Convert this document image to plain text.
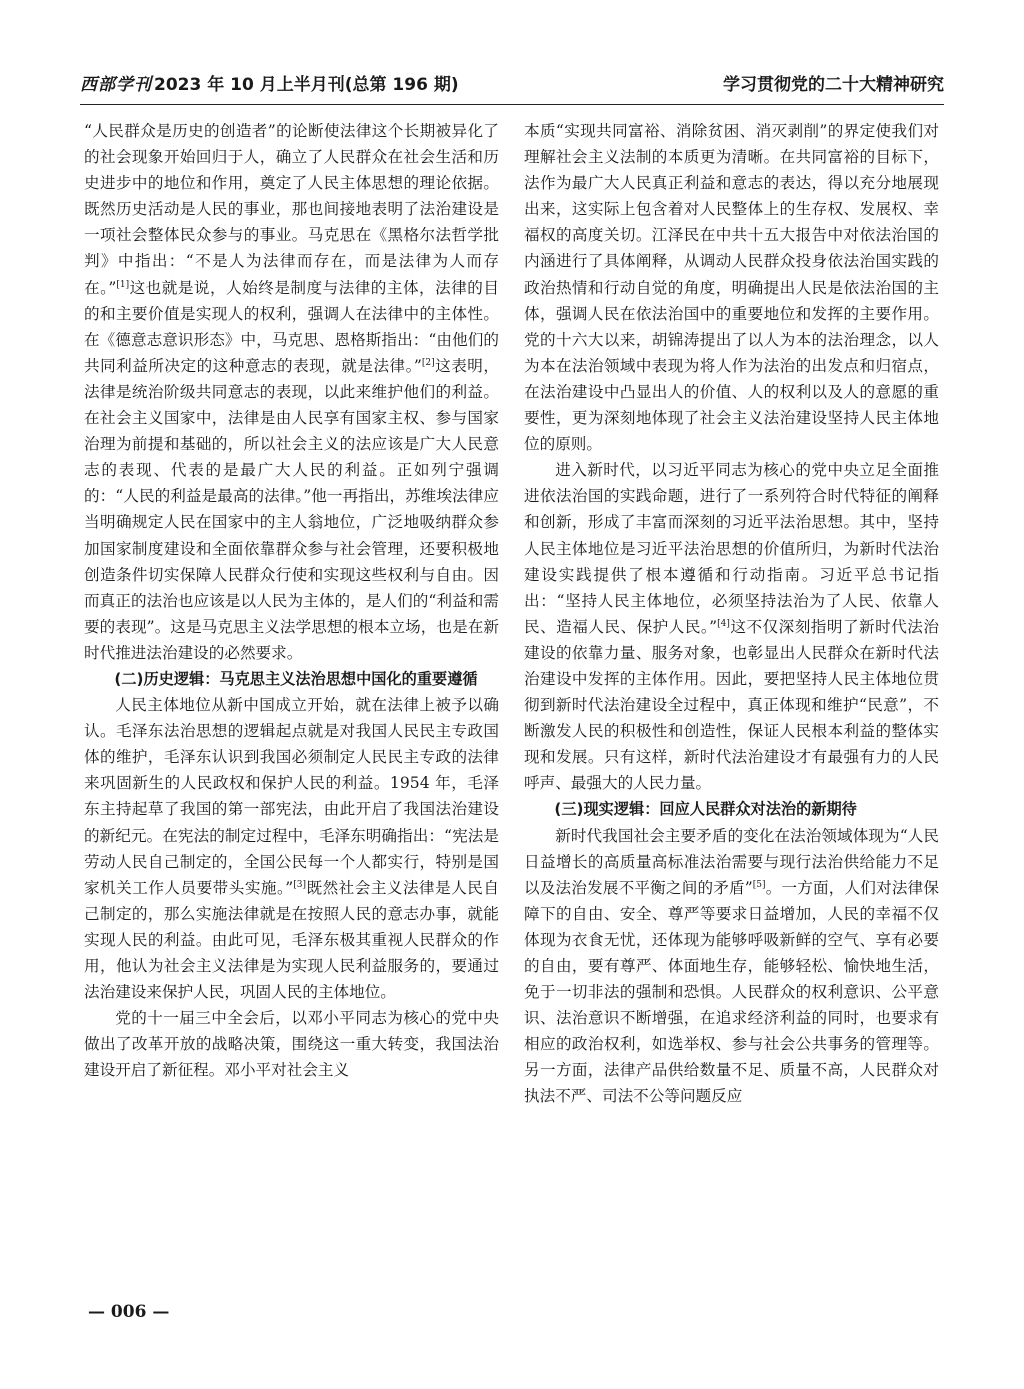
西部学刊 2023 年 10 月上半月刊(总第 196 期)	学习贯彻党的二十大精神研究

“人民群众是历史的创造者”的论断使法律这个长期被异化了的社会现象开始回归于人，确立了人民群众在社会生活和历史进步中的地位和作用，奠定了人民主体思想的理论依据。既然历史活动是人民的事业，那也间接地表明了法治建设是一项社会整体民众参与的事业。马克思在《黑格尔法哲学批判》中指出：“不是人为法律而存在，而是法律为人而存在。”[1]这也就是说，人始终是制度与法律的主体，法律的目的和主要价值是实现人的权利，强调人在法律中的主体性。在《德意志意识形态》中，马克思、恩格斯指出：“由他们的共同利益所决定的这种意志的表现，就是法律。”[2]这表明，法律是统治阶级共同意志的表现，以此来维护他们的利益。在社会主义国家中，法律是由人民享有国家主权、参与国家治理为前提和基础的，所以社会主义的法应该是广大人民意志的表现、代表的是最广大人民的利益。正如列宁强调的：“人民的利益是最高的法律。”他一再指出，苏维埃法律应当明确规定人民在国家中的主人翁地位，广泛地吸纳群众参加国家制度建设和全面依靠群众参与社会管理，还要积极地创造条件切实保障人民群众行使和实现这些权利与自由。因而真正的法治也应该是以人民为主体的，是人们的“利益和需要的表现”。这是马克思主义法学思想的根本立场，也是在新时代推进法治建设的必然要求。

(二)历史逻辑：马克思主义法治思想中国化的重要遵循

人民主体地位从新中国成立开始，就在法律上被予以确认。毛泽东法治思想的逻辑起点就是对我国人民民主专政国体的维护，毛泽东认识到我国必须制定人民民主专政的法律来巩固新生的人民政权和保护人民的利益。1954 年，毛泽东主持起草了我国的第一部宪法，由此开启了我国法治建设的新纪元。在宪法的制定过程中，毛泽东明确指出：“宪法是劳动人民自己制定的，全国公民每一个人都实行，特别是国家机关工作人员要带头实施。”[3]既然社会主义法律是人民自己制定的，那么实施法律就是在按照人民的意志办事，就能实现人民的利益。由此可见，毛泽东极其重视人民群众的作用，他认为社会主义法律是为实现人民利益服务的，要通过法治建设来保护人民，巩固人民的主体地位。

党的十一届三中全会后，以邓小平同志为核心的党中央做出了改革开放的战略决策，围绕这一重大转变，我国法治建设开启了新征程。邓小平对社会主义

本质“实现共同富裕、消除贫困、消灭剥削”的界定使我们对理解社会主义法制的本质更为清晰。在共同富裕的目标下，法作为最广大人民真正利益和意志的表达，得以充分地展现出来，这实际上包含着对人民整体上的生存权、发展权、幸福权的高度关切。江泽民在中共十五大报告中对依法治国的内涵进行了具体阐释，从调动人民群众投身依法治国实践的政治热情和行动自觉的角度，明确提出人民是依法治国的主体，强调人民在依法治国中的重要地位和发挥的主要作用。党的十六大以来，胡锦涛提出了以人为本的法治理念，以人为本在法治领域中表现为将人作为法治的出发点和归宿点，在法治建设中凸显出人的价值、人的权利以及人的意愿的重要性，更为深刻地体现了社会主义法治建设坚持人民主体地位的原则。

进入新时代，以习近平同志为核心的党中央立足全面推进依法治国的实践命题，进行了一系列符合时代特征的阐释和创新，形成了丰富而深刻的习近平法治思想。其中，坚持人民主体地位是习近平法治思想的价值所归，为新时代法治建设实践提供了根本遵循和行动指南。习近平总书记指出：“坚持人民主体地位，必须坚持法治为了人民、依靠人民、造福人民、保护人民。”[4]这不仅深刻指明了新时代法治建设的依靠力量、服务对象，也彰显出人民群众在新时代法治建设中发挥的主体作用。因此，要把坚持人民主体地位贯彻到新时代法治建设全过程中，真正体现和维护“民意”，不断激发人民的积极性和创造性，保证人民根本利益的整体实现和发展。只有这样，新时代法治建设才有最强有力的人民呼声、最强大的人民力量。

(三)现实逻辑：回应人民群众对法治的新期待

新时代我国社会主要矛盾的变化在法治领域体现为“人民日益增长的高质量高标准法治需要与现行法治供给能力不足以及法治发展不平衡之间的矛盾”[5]。一方面，人们对法律保障下的自由、安全、尊严等要求日益增加，人民的幸福不仅体现为衣食无忧，还体现为能够呼吸新鲜的空气、享有必要的自由，要有尊严、体面地生存，能够轻松、愉快地生活，免于一切非法的强制和恐惧。人民群众的权利意识、公平意识、法治意识不断增强，在追求经济利益的同时，也要求有相应的政治权利，如选举权、参与社会公共事务的管理等。另一方面，法律产品供给数量不足、质量不高，人民群众对执法不严、司法不公等问题反应

— 006 —
